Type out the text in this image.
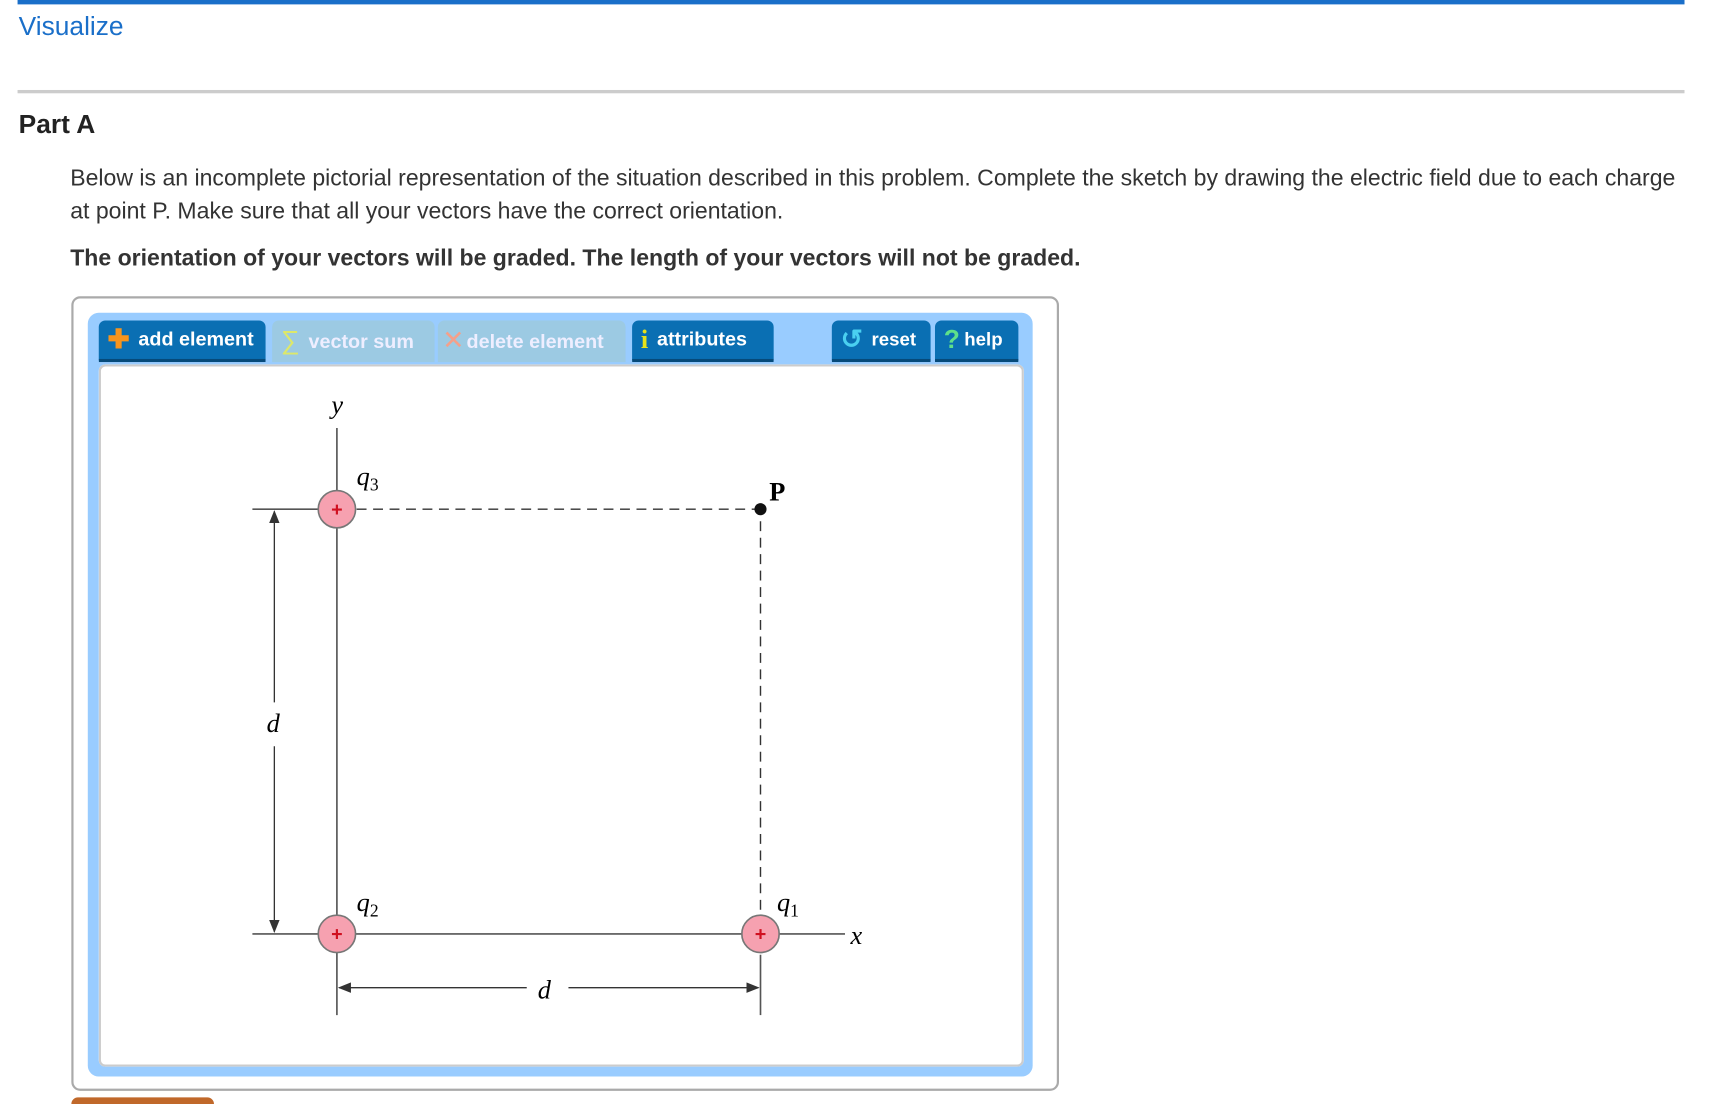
Visualize
Part A
Below is an incomplete pictorial representation of the situation described in this problem. Complete the sketch by drawing the electric field due to each charge at point P. Make sure that all your vectors have the correct orientation.
The orientation of your vectors will be graded. The length of your vectors will not be graded.
✚ add element ∑ vector sum ✕ delete element i attributes	↺ reset ? help
y
x
d
d
P
$q_3$
$q_2$	$q_1$
+
+	+
